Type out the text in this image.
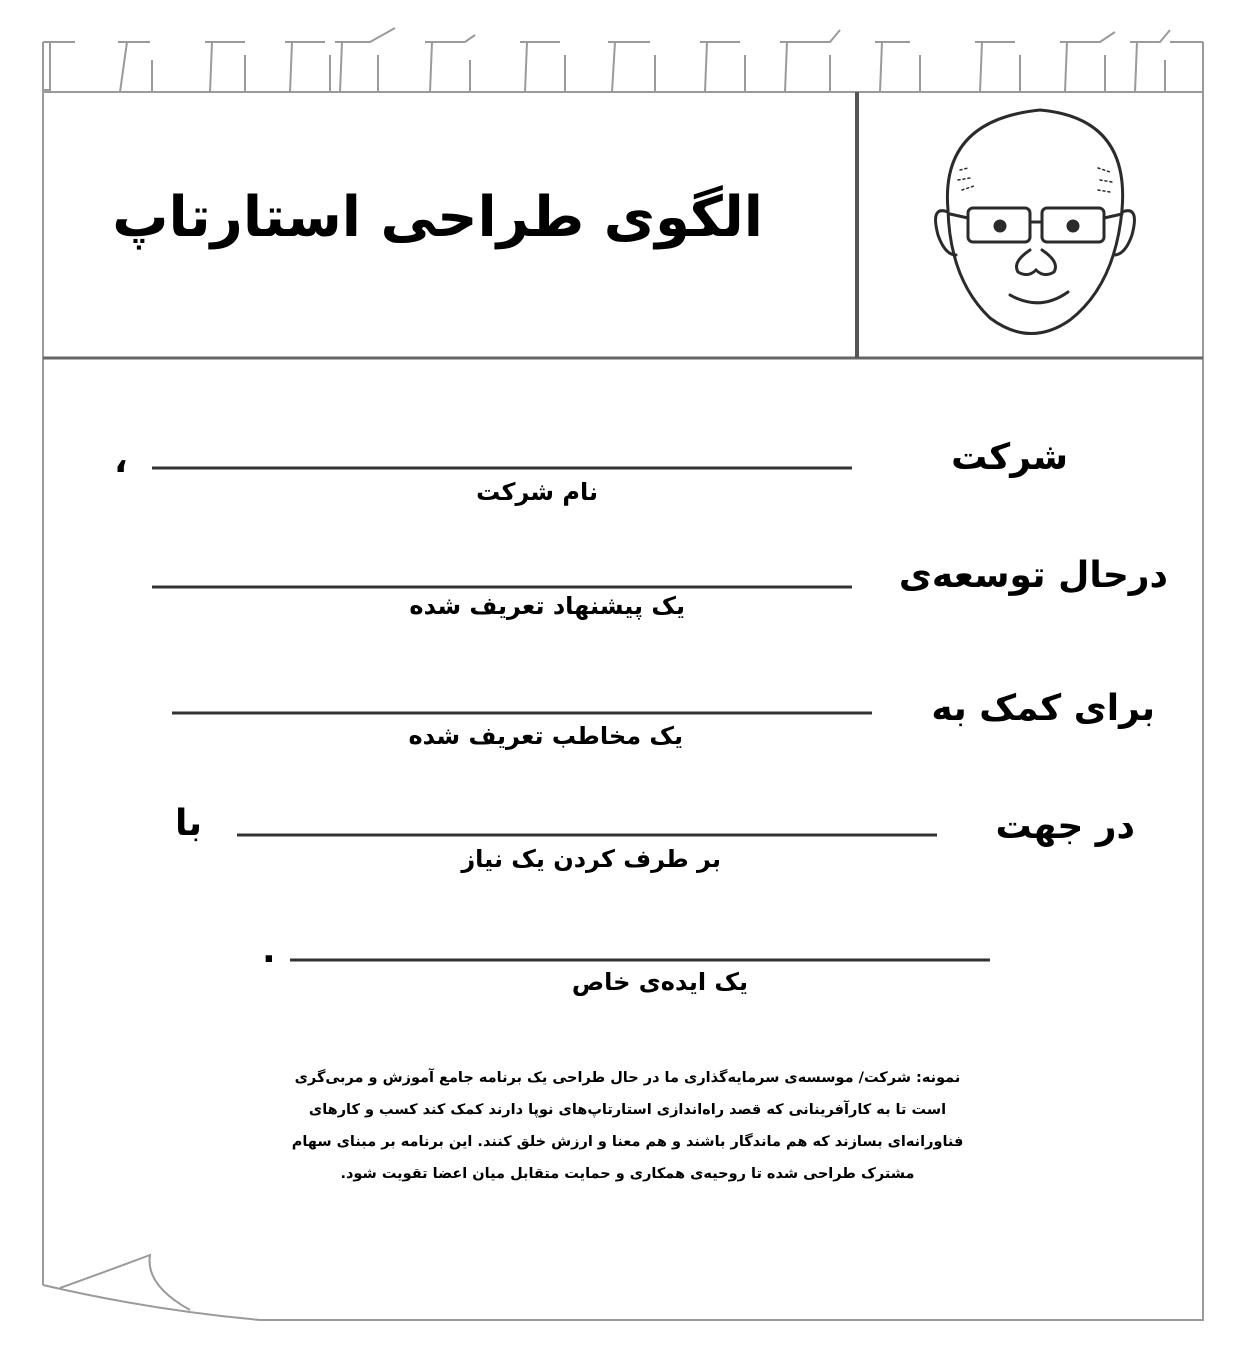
الگوی طراحی استارتاپ
شرکت
،
نام شرکت
درحال توسعه‌ی
یک پیشنهاد تعریف شده
برای کمک به
یک مخاطب تعریف شده
در جهت
با
بر طرف کردن یک نیاز
.
یک ایده‌ی خاص
نمونه: شرکت/ موسسه‌ی سرمایه‌گذاری ما در حال طراحی یک برنامه جامع آموزش و مربی‌گری
است تا به کارآفرینانی که قصد راه‌اندازی استارتاپ‌های نوپا دارند کمک کند کسب و کارهای
فناورانه‌ای بسازند که هم ماندگار باشند و هم معنا و ارزش خلق کنند. این برنامه بر مبنای سهام
مشترک طراحی شده تا روحیه‌ی همکاری و حمایت متقابل میان اعضا تقویت شود.
